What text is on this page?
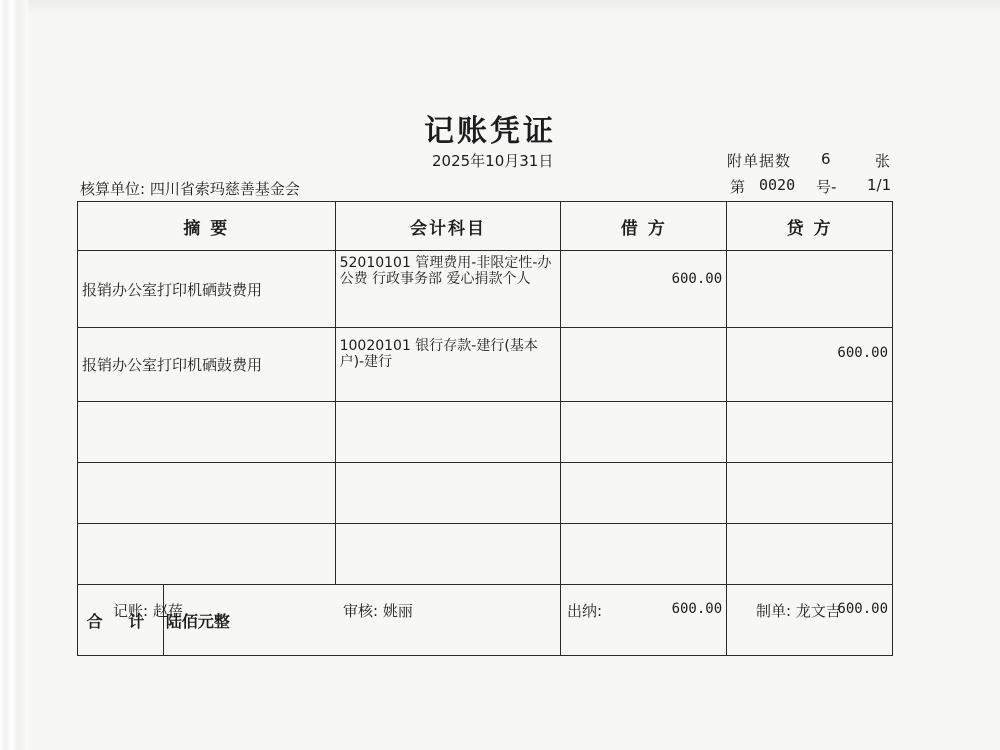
记账凭证
2025年10月31日	附单据数 6	张
核算单位: 四川省索玛慈善基金会	第 0020 号- 1/1
摘 要		会计科目	借 方	贷 方
报销办公室打印机硒鼓费用		52010101 管理费用-非限定性-办公费 行政事务部 爱心捐款个人	600.00	
报销办公室打印机硒鼓费用		10020101 银行存款-建行(基本户)-建行		600.00

合 计	陆佰元整		600.00	600.00
记账: 赵蓓	审核: 姚丽	出纳:	制单: 龙文吉
